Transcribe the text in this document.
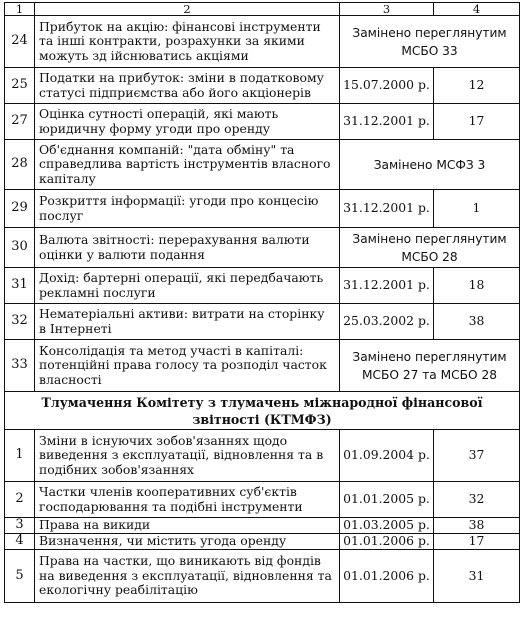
1	2	3	4
24	Прибуток на акцію: фінансові інструменти та інші контракти, розрахунки за якими можуть зд ійснюватись акціями	Замінено переглянутим МСБО 33	
25	Податки на прибуток: зміни в податковому статусі підприємства або його акціонерів	15.07.2000 р.	12
27	Оцінка сутності операцій, які мають юридичну форму угоди про оренду	31.12.2001 р.	17
28	Об'єднання компаній: "дата обміну" та справедлива вартість інструментів власного капіталу	Замінено МСФЗ 3	
29	Розкриття інформації: угоди про концесію послуг	31.12.2001 р.	1
30	Валюта звітності: перерахування валюти оцінки у валюти подання	Замінено переглянутим МСБО 28	
31	Дохід: бартерні операції, які передбачають рекламні послуги	31.12.2001 р.	18
32	Нематеріальні активи: витрати на сторінку в Інтернеті	25.03.2002 р.	38
33	Консолідація та метод участі в капіталі: потенційні права голосу та розподіл часток власності	Замінено переглянутим МСБО 27 та МСБО 28	
Тлумачення Комітету з тлумачень міжнародної фінансової звітності (КТМФЗ)			
1	Зміни в існуючих зобов'язаннях щодо виведення з експлуатації, відновлення та в подібних зобов'язаннях	01.09.2004 р.	37
2	Частки членів кооперативних суб'єктів господарювання та подібні інструменти	01.01.2005 р.	32
3	Права на викиди	01.03.2005 р.	38
4	Визначення, чи містить угода оренду	01.01.2006 р.	17
5	Права на частки, що виникають від фондів на виведення з експлуатації, відновлення та екологічну реабілітацію	01.01.2006 р.	31
